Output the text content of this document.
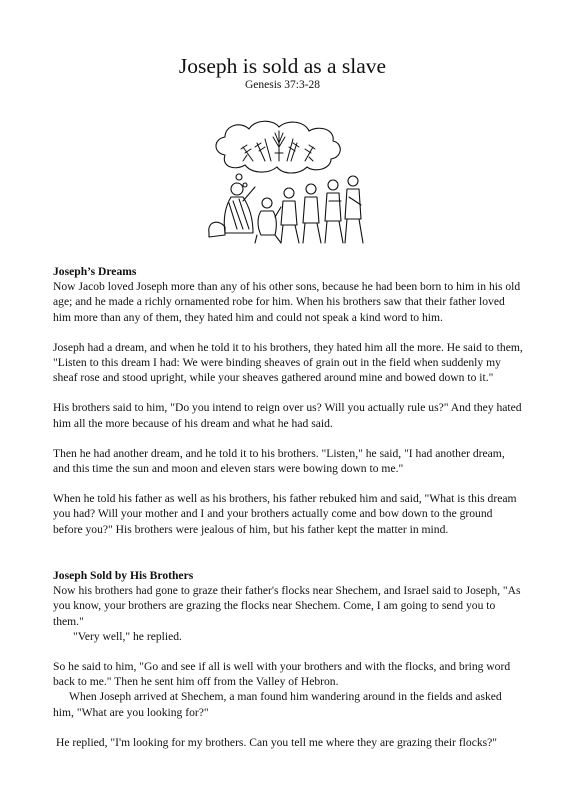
Joseph is sold as a slave
Genesis 37:3-28

Joseph’s Dreams

Now Jacob loved Joseph more than any of his other sons, because he had been born to him in his old age; and he made a richly ornamented robe for him. When his brothers saw that their father loved him more than any of them, they hated him and could not speak a kind word to him.

Joseph had a dream, and when he told it to his brothers, they hated him all the more. He said to them, "Listen to this dream I had: We were binding sheaves of grain out in the field when suddenly my sheaf rose and stood upright, while your sheaves gathered around mine and bowed down to it."

His brothers said to him, "Do you intend to reign over us? Will you actually rule us?" And they hated him all the more because of his dream and what he had said.

Then he had another dream, and he told it to his brothers. "Listen," he said, "I had another dream, and this time the sun and moon and eleven stars were bowing down to me."

When he told his father as well as his brothers, his father rebuked him and said, "What is this dream you had? Will your mother and I and your brothers actually come and bow down to the ground before you?" His brothers were jealous of him, but his father kept the matter in mind.

Joseph Sold by His Brothers

Now his brothers had gone to graze their father's flocks near Shechem, and Israel said to Joseph, "As you know, your brothers are grazing the flocks near Shechem. Come, I am going to send you to them."

"Very well," he replied.

So he said to him, "Go and see if all is well with your brothers and with the flocks, and bring word back to me." Then he sent him off from the Valley of Hebron.

When Joseph arrived at Shechem, a man found him wandering around in the fields and asked him, "What are you looking for?"

He replied, "I'm looking for my brothers. Can you tell me where they are grazing their flocks?"
